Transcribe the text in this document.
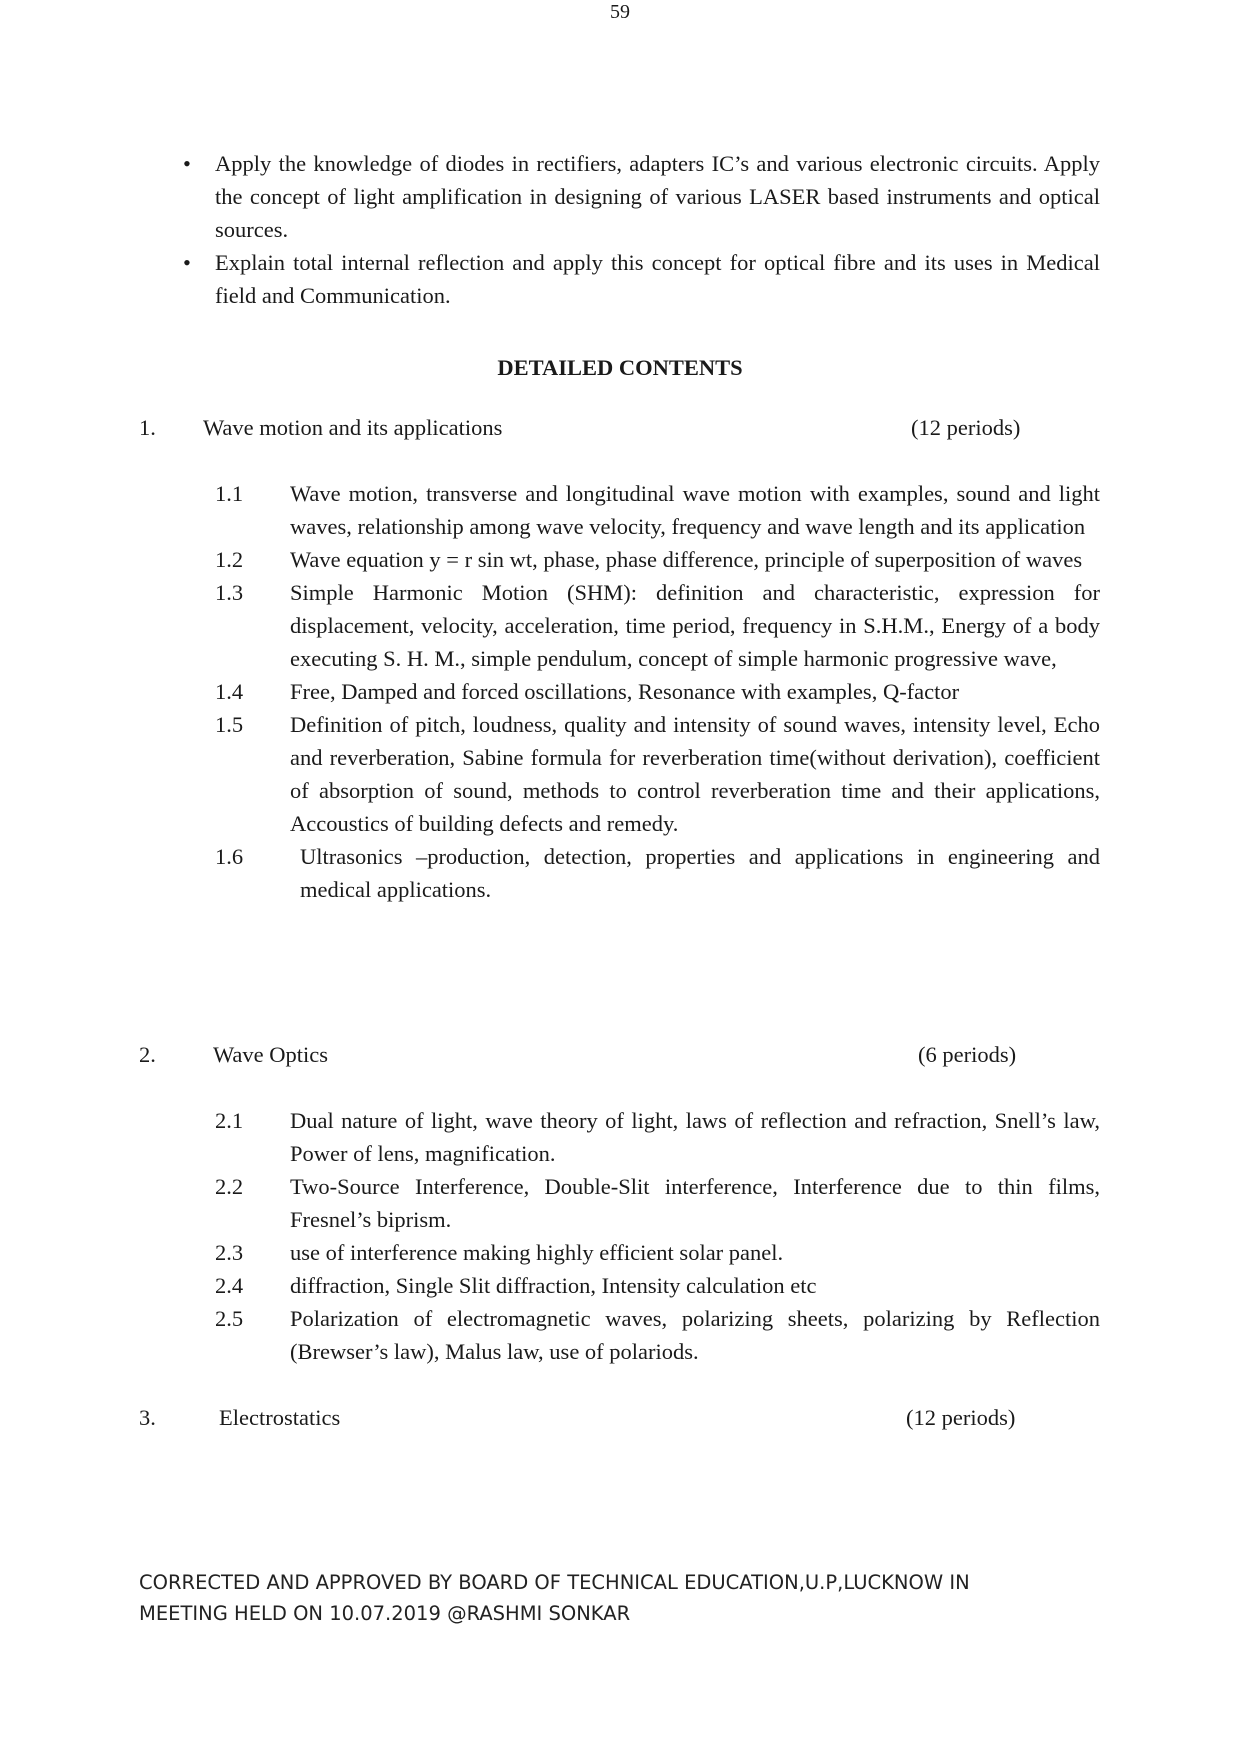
59
• Apply the knowledge of diodes in rectifiers, adapters IC’s and various electronic circuits. Apply the concept of light amplification in designing of various LASER based instruments and optical sources.
• Explain total internal reflection and apply this concept for optical fibre and its uses in Medical field and Communication.
DETAILED CONTENTS
1. Wave motion and its applications	(12 periods)
1.1 Wave motion, transverse and longitudinal wave motion with examples, sound and light waves, relationship among wave velocity, frequency and wave length and its application
1.2 Wave equation y = r sin wt, phase, phase difference, principle of superposition of waves
1.3 Simple Harmonic Motion (SHM): definition and characteristic, expression for displacement, velocity, acceleration, time period, frequency in S.H.M., Energy of a body executing S. H. M., simple pendulum, concept of simple harmonic progressive wave,
1.4 Free, Damped and forced oscillations, Resonance with examples, Q-factor
1.5 Definition of pitch, loudness, quality and intensity of sound waves, intensity level, Echo and reverberation, Sabine formula for reverberation time(without derivation), coefficient of absorption of sound, methods to control reverberation time and their applications, Accoustics of building defects and remedy.
1.6	Ultrasonics –production, detection, properties and applications in engineering and medical applications.
2.	Wave Optics	(6 periods)
2.1 Dual nature of light, wave theory of light, laws of reflection and refraction, Snell’s law, Power of lens, magnification.
2.2 Two-Source Interference, Double-Slit interference, Interference due to thin films, Fresnel’s biprism.
2.3 use of interference making highly efficient solar panel.
2.4 diffraction, Single Slit diffraction, Intensity calculation etc
2.5 Polarization of electromagnetic waves, polarizing sheets, polarizing by Reflection (Brewser’s law), Malus law, use of polariods.
3.	Electrostatics	(12 periods)
CORRECTED AND APPROVED BY BOARD OF TECHNICAL EDUCATION,U.P,LUCKNOW IN
MEETING HELD ON 10.07.2019 @RASHMI SONKAR
